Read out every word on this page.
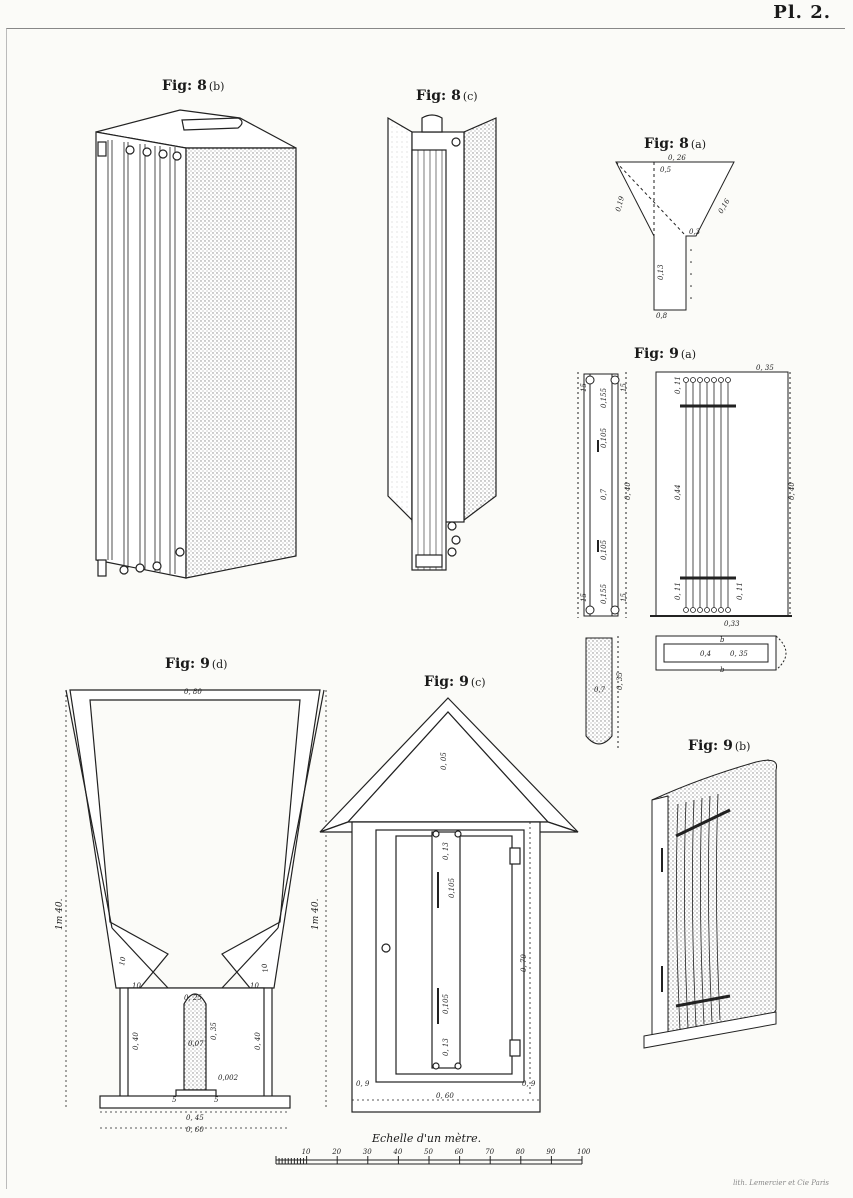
Pl. 2.
Fig: 8 (b)
Fig: 8 (c)
Fig: 8 (a)
Fig: 9 (a)
Fig: 9 (d)
Fig: 9 (c)
Fig: 9 (b)
0, 26
0,5
0,19	0,16
0,3
0,13
0,8
0,155
0,105
0,7
0,105
0,155
0, 40
15	15
15	15
0, 35
0, 40
0, 11
0,44
0, 11	0, 11
0,33
b
0, 35
0,4
b
0,7 0, 35
0, 80
1m 40.	1m 40.
10
10
10	10
0, 25
0, 40	0, 40
0,07
0, 35
0,002
5	5
0, 45
0, 60
0, 05
0, 13
0,105
0,105
0, 13
0, 70
0, 9	0, 9
0, 60
10	20	30	40	50	60	70	80	90	100
Echelle d'un mètre.
lith. Lemercier et Cie Paris
